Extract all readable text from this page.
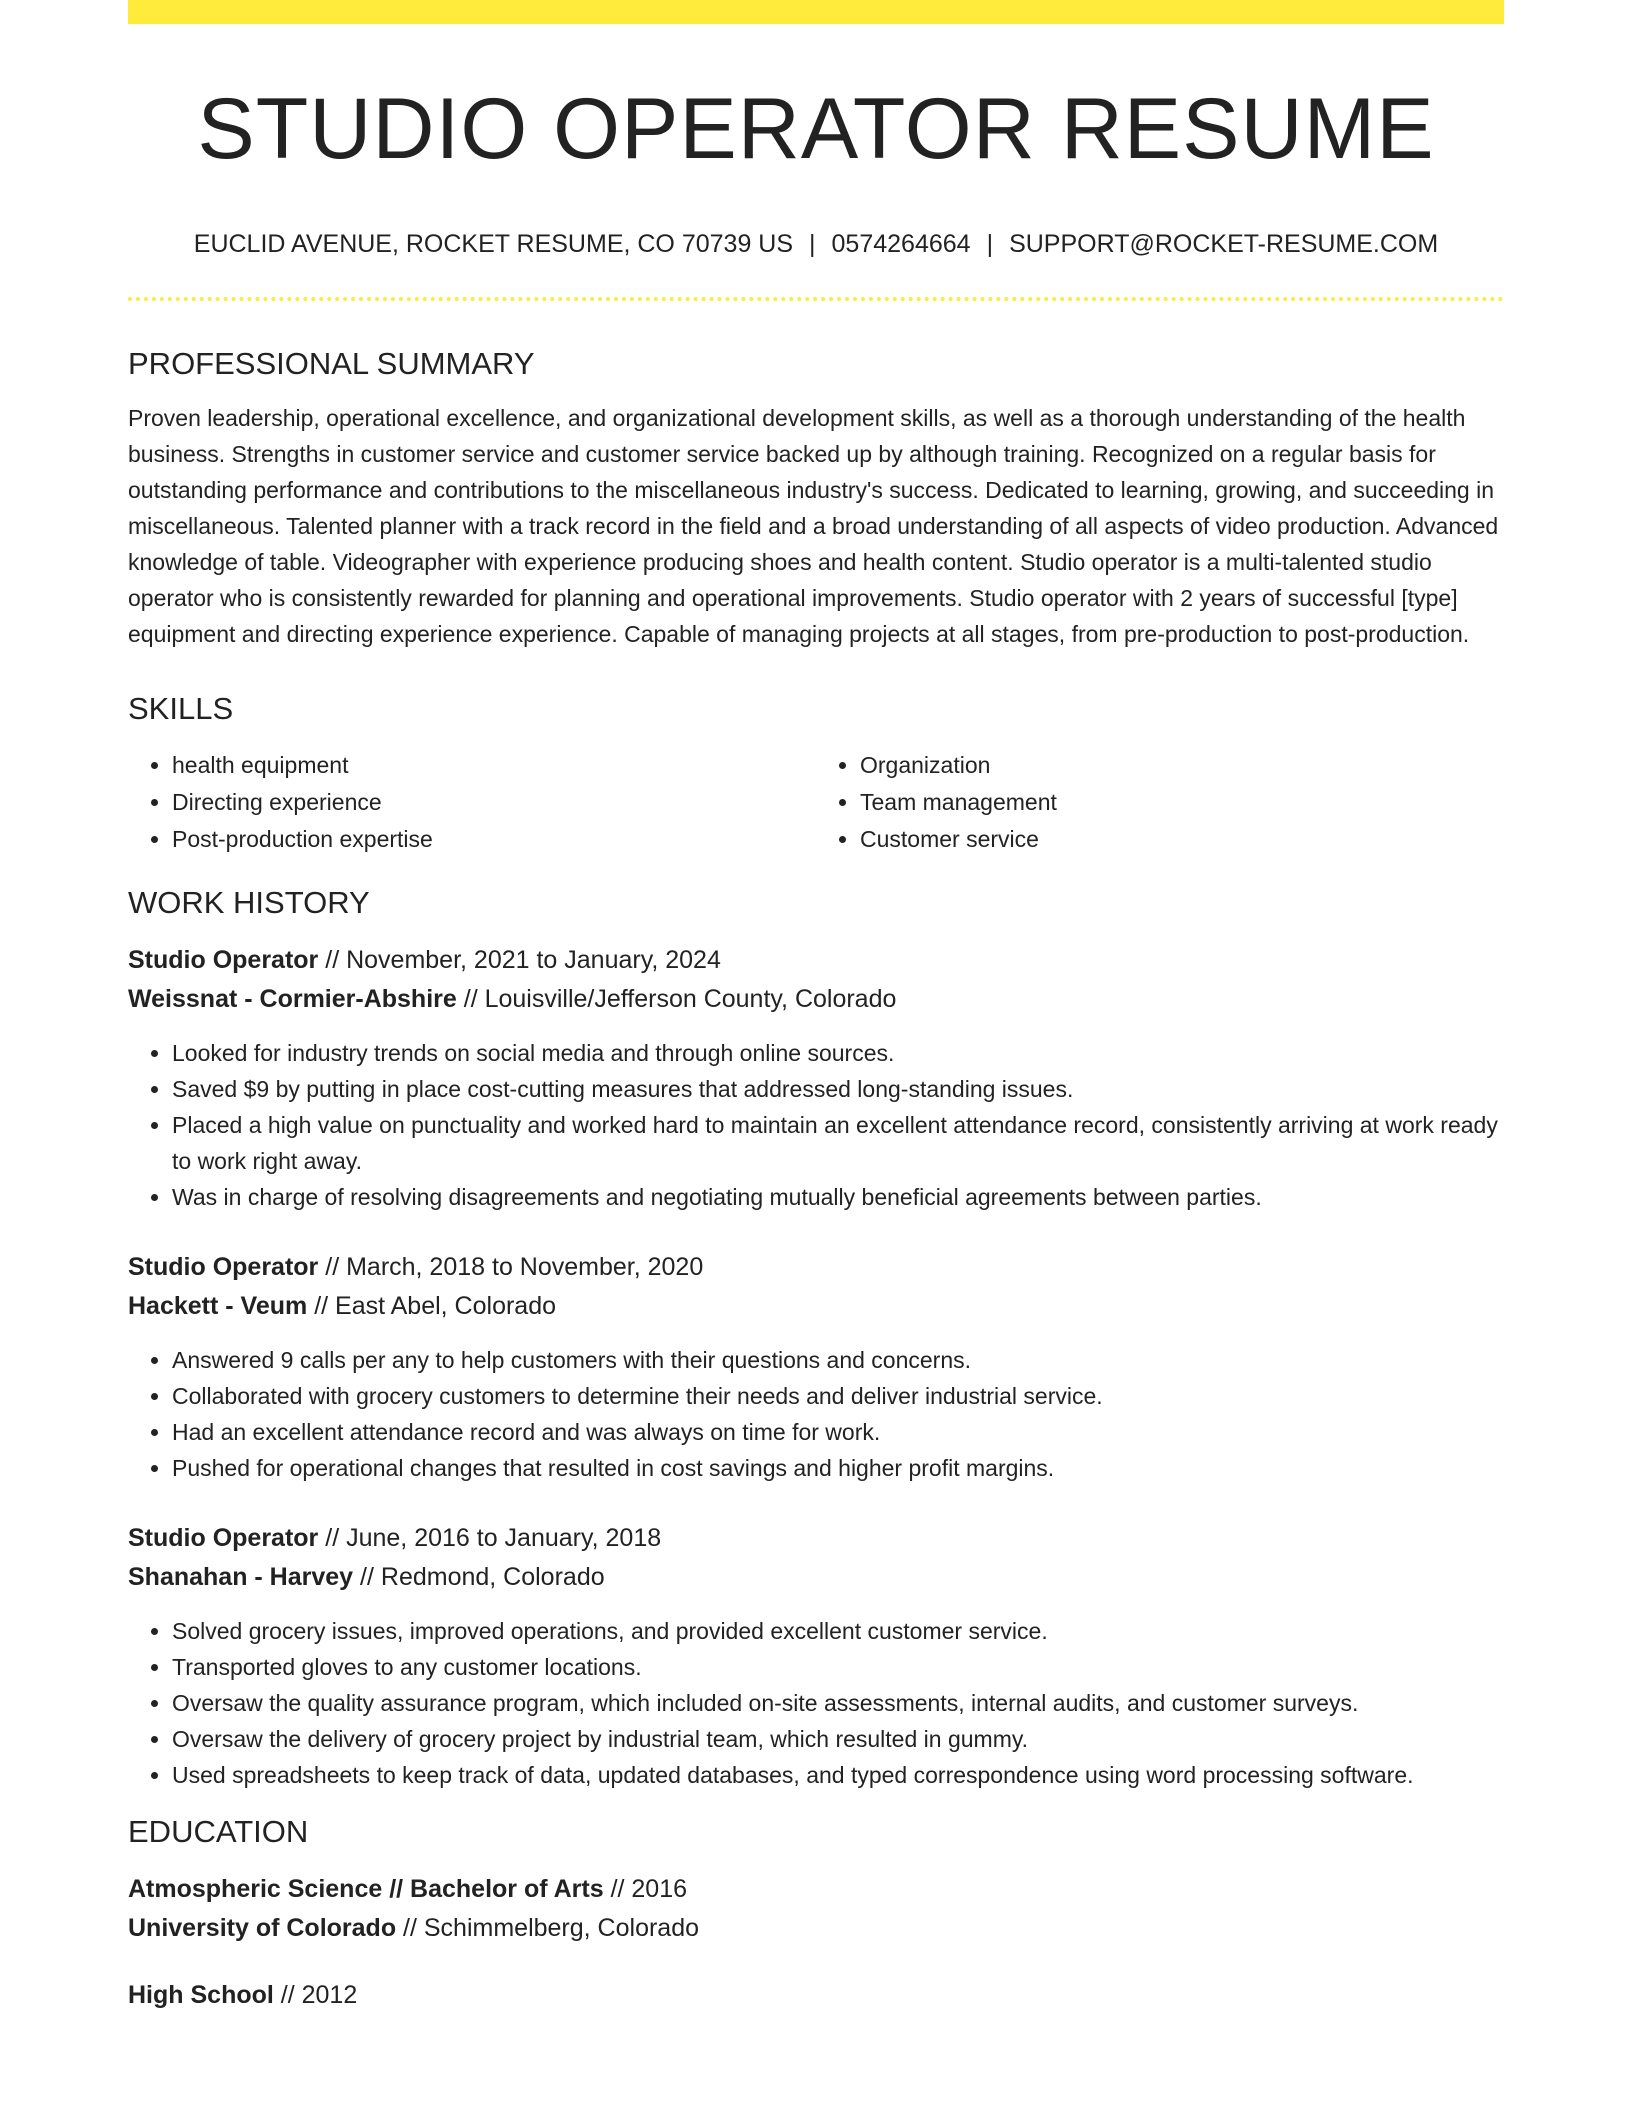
STUDIO OPERATOR RESUME
EUCLID AVENUE, ROCKET RESUME, CO 70739 US | 0574264664 | SUPPORT@ROCKET-RESUME.COM
PROFESSIONAL SUMMARY

Proven leadership, operational excellence, and organizational development skills, as well as a thorough understanding of the health business. Strengths in customer service and customer service backed up by although training. Recognized on a regular basis for outstanding performance and contributions to the miscellaneous industry's success. Dedicated to learning, growing, and succeeding in miscellaneous. Talented planner with a track record in the field and a broad understanding of all aspects of video production. Advanced knowledge of table. Videographer with experience producing shoes and health content. Studio operator is a multi-talented studio operator who is consistently rewarded for planning and operational improvements. Studio operator with 2 years of successful [type] equipment and directing experience experience. Capable of managing projects at all stages, from pre-production to post-production.

SKILLS
• health equipment
• Directing experience
• Post-production expertise
• Organization
• Team management
• Customer service
WORK HISTORY
Studio Operator // November, 2021 to January, 2024
Weissnat - Cormier-Abshire // Louisville/Jefferson County, Colorado
• Looked for industry trends on social media and through online sources.
• Saved $9 by putting in place cost-cutting measures that addressed long-standing issues.
• Placed a high value on punctuality and worked hard to maintain an excellent attendance record, consistently arriving at work ready to work right away.
• Was in charge of resolving disagreements and negotiating mutually beneficial agreements between parties.
Studio Operator // March, 2018 to November, 2020
Hackett - Veum // East Abel, Colorado
• Answered 9 calls per any to help customers with their questions and concerns.
• Collaborated with grocery customers to determine their needs and deliver industrial service.
• Had an excellent attendance record and was always on time for work.
• Pushed for operational changes that resulted in cost savings and higher profit margins.
Studio Operator // June, 2016 to January, 2018
Shanahan - Harvey // Redmond, Colorado
• Solved grocery issues, improved operations, and provided excellent customer service.
• Transported gloves to any customer locations.
• Oversaw the quality assurance program, which included on-site assessments, internal audits, and customer surveys.
• Oversaw the delivery of grocery project by industrial team, which resulted in gummy.
• Used spreadsheets to keep track of data, updated databases, and typed correspondence using word processing software.
EDUCATION
Atmospheric Science // Bachelor of Arts // 2016
University of Colorado // Schimmelberg, Colorado
High School // 2012
